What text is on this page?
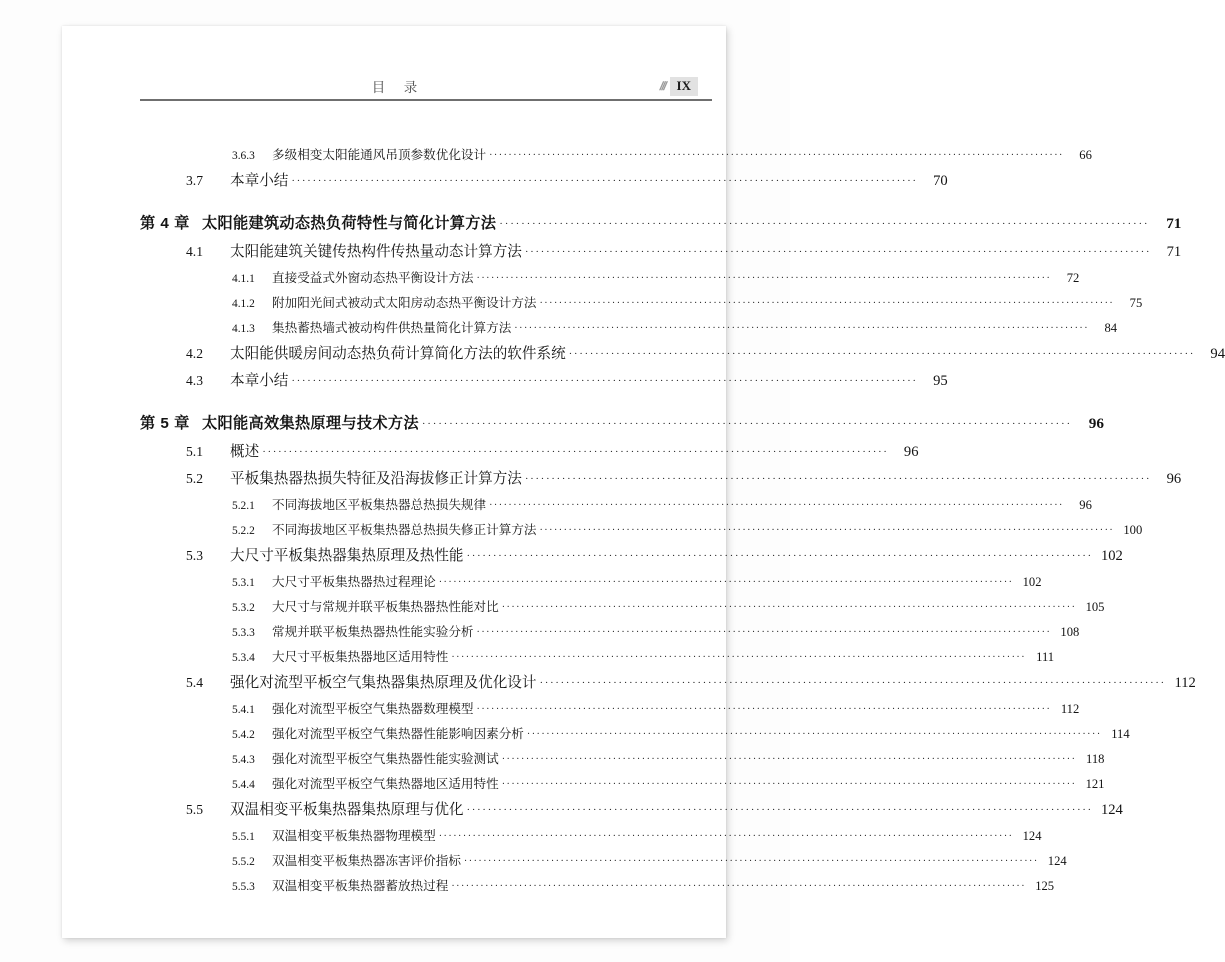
目    录	/// IX
3.6.3	多级相变太阳能通风吊顶参数优化设计 ·······················································································································	66
3.7	本章小结 ·······················································································································	70
第 4 章 太阳能建筑动态热负荷特性与简化计算方法 ·······················································································································	71
4.1	太阳能建筑关键传热构件传热量动态计算方法 ·······················································································································	71
4.1.1	直接受益式外窗动态热平衡设计方法 ·······················································································································	72
4.1.2	附加阳光间式被动式太阳房动态热平衡设计方法 ·······················································································································	75
4.1.3	集热蓄热墙式被动构件供热量简化计算方法 ·······················································································································	84
4.2	太阳能供暖房间动态热负荷计算简化方法的软件系统 ·······················································································································	94
4.3	本章小结 ·······················································································································	95
第 5 章 太阳能高效集热原理与技术方法 ·······················································································································	96
5.1	概述 ·······················································································································	96
5.2	平板集热器热损失特征及沿海拔修正计算方法 ·······················································································································	96
5.2.1	不同海拔地区平板集热器总热损失规律 ·······················································································································	96
5.2.2	不同海拔地区平板集热器总热损失修正计算方法 ······················································································································· 100
5.3	大尺寸平板集热器集热原理及热性能 ······················································································································· 102
5.3.1	大尺寸平板集热器热过程理论 ······················································································································· 102
5.3.2	大尺寸与常规并联平板集热器热性能对比 ······················································································································· 105
5.3.3	常规并联平板集热器热性能实验分析 ······················································································································· 108
5.3.4	大尺寸平板集热器地区适用特性 ······················································································································· 111
5.4	强化对流型平板空气集热器集热原理及优化设计 ······················································································································· 112
5.4.1	强化对流型平板空气集热器数理模型 ······················································································································· 112
5.4.2	强化对流型平板空气集热器性能影响因素分析 ······················································································································· 114
5.4.3	强化对流型平板空气集热器性能实验测试 ······················································································································· 118
5.4.4	强化对流型平板空气集热器地区适用特性 ······················································································································· 121
5.5	双温相变平板集热器集热原理与优化 ······················································································································· 124
5.5.1	双温相变平板集热器物理模型 ······················································································································· 124
5.5.2	双温相变平板集热器冻害评价指标 ······················································································································· 124
5.5.3	双温相变平板集热器蓄放热过程 ······················································································································· 125
